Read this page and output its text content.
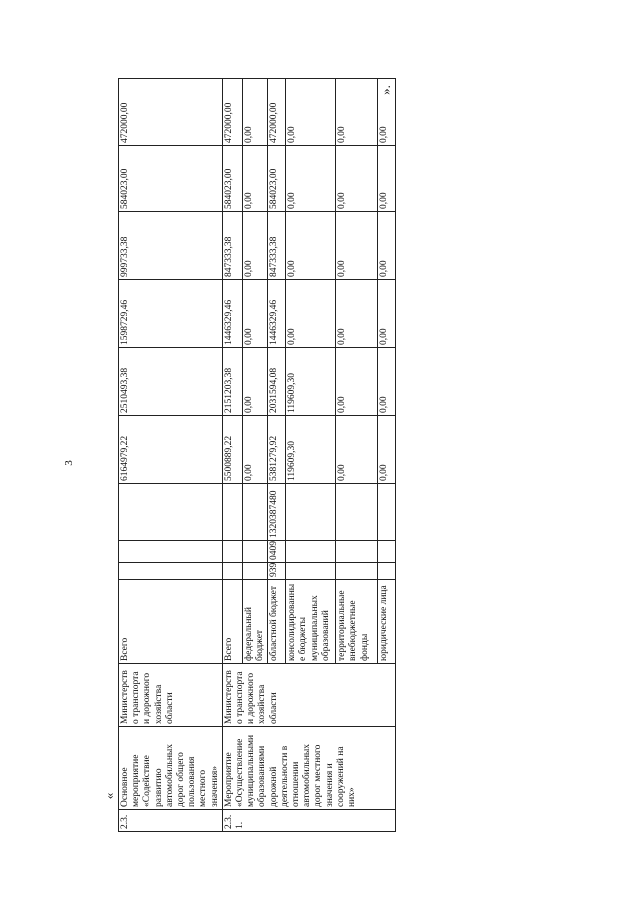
3
«
».
2.3.	Основное мероприятие «Содействие развитию автомобильных дорог общего пользования местного значения»	Министерство транспорта и дорожного хозяйства области	Всего				6164979,22	2510493,38	1598729,46	999733,38	584023,00	472000,00
2.3.1.	Мероприятие «Осуществление муниципальными образованиями дорожной деятельности в отношении автомобильных дорог местного значения и сооружений на них»	Министерство транспорта и дорожного хозяйства области	Всего				5500889,22	2151203,38	1446329,46	847333,38	584023,00	472000,00
			федеральный бюджет				0,00	0,00	0,00	0,00	0,00	0,00
			областной бюджет	939	0409	1320387480	5381279,92	2031594,08	1446329,46	847333,38	584023,00	472000,00
			консолидированные бюджеты муниципальных образований				119609,30	119609,30	0,00	0,00	0,00	0,00
			территориальные внебюджетные фонды				0,00	0,00	0,00	0,00	0,00	0,00
			юридические лица				0,00	0,00	0,00	0,00	0,00	0,00
